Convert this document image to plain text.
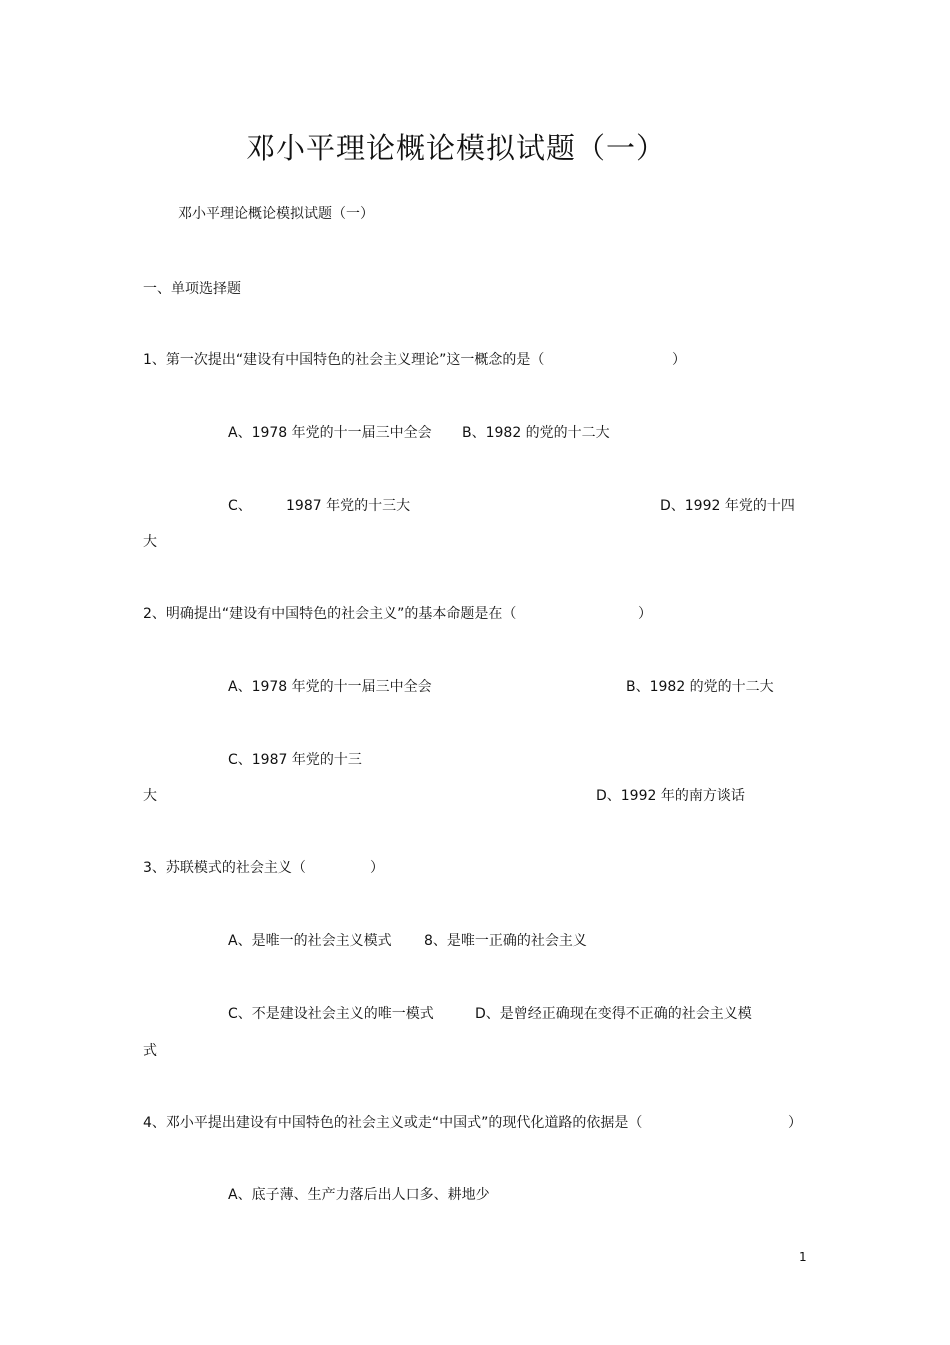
邓小平理论概论模拟试题（一）
邓小平理论概论模拟试题（一）
一、单项选择题
1、第一次提出“建设有中国特色的社会主义理论”这一概念的是（	）
A、1978 年党的十一届三中全会 B、1982 的党的十二大
C、 1987 年党的十三大	D、1992 年党的十四
大
2、明确提出“建设有中国特色的社会主义”的基本命题是在（	）
A、1978 年党的十一届三中全会	B、1982 的党的十二大
C、1987 年党的十三
大	D、1992 年的南方谈话
3、苏联模式的社会主义（	）
A、是唯一的社会主义模式 8、是唯一正确的社会主义
C、不是建设社会主义的唯一模式	D、是曾经正确现在变得不正确的社会主义模
式
4、邓小平提出建设有中国特色的社会主义或走“中国式”的现代化道路的依据是（	）
A、底子薄、生产力落后出人口多、耕地少
1
